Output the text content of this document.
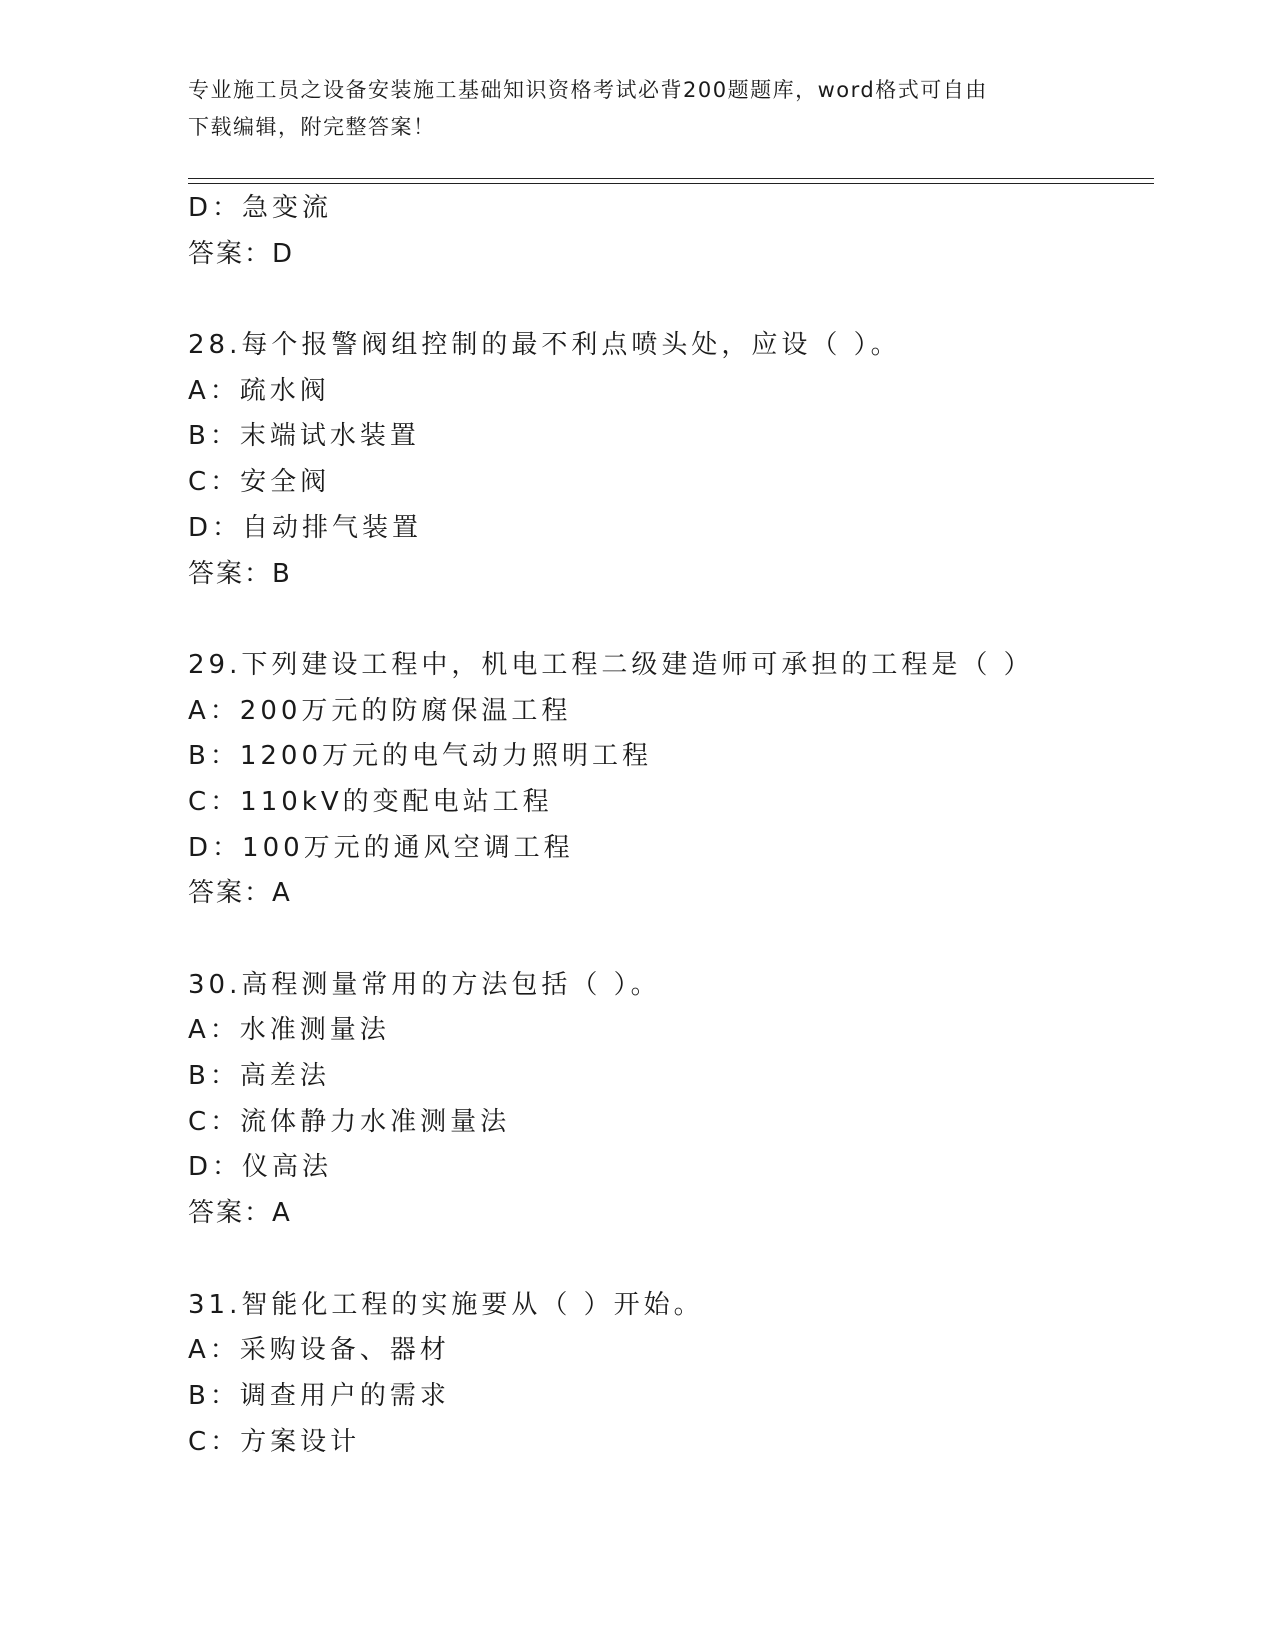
专业施工员之设备安装施工基础知识资格考试必背200题题库，word格式可自由
下载编辑，附完整答案！
D：急变流
答案：D
28.每个报警阀组控制的最不利点喷头处，应设（ ）。
A：疏水阀
B：末端试水装置
C：安全阀
D：自动排气装置
答案：B
29.下列建设工程中，机电工程二级建造师可承担的工程是（ ）
A：200万元的防腐保温工程
B：1200万元的电气动力照明工程
C：110kV的变配电站工程
D：100万元的通风空调工程
答案：A
30.高程测量常用的方法包括（ ）。
A：水准测量法
B：高差法
C：流体静力水准测量法
D：仪高法
答案：A
31.智能化工程的实施要从（ ）开始。
A：采购设备、器材
B：调查用户的需求
C：方案设计
